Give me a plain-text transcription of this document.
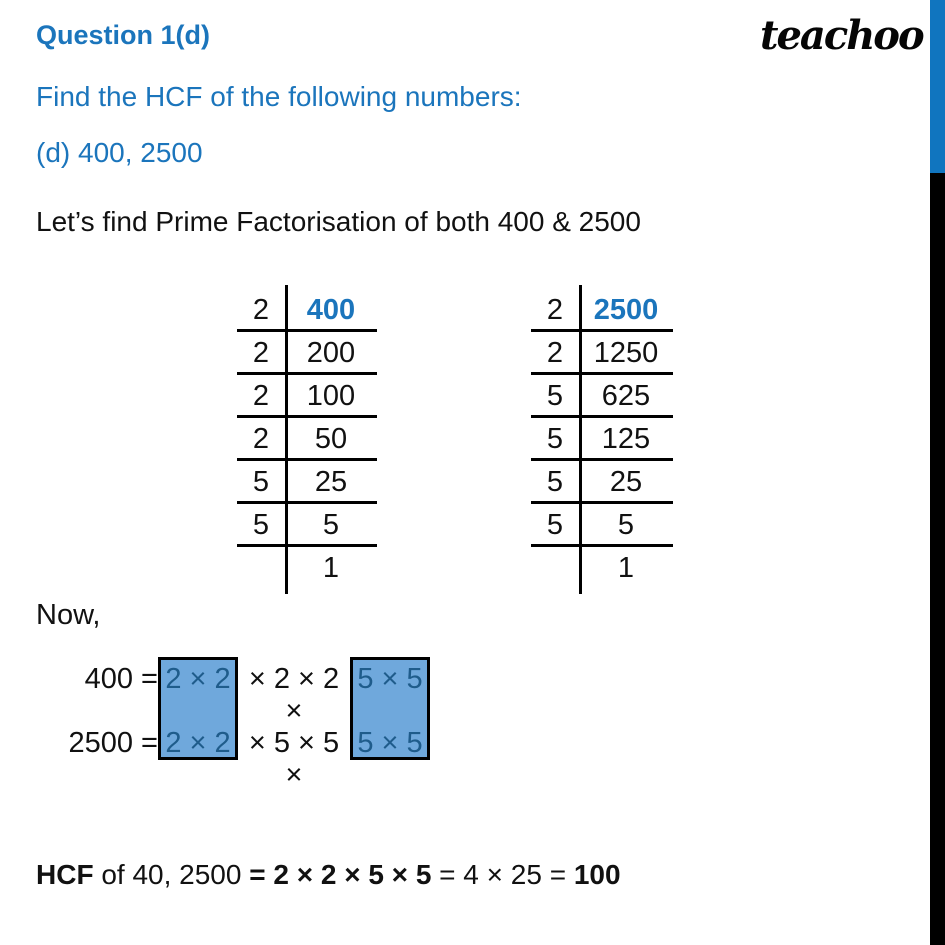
teachoo
Question 1(d)
Find the HCF of the following numbers:
(d) 400, 2500
Let’s find Prime Factorisation of both 400 & 2500
2	400
2	200
2	100
2	50
5	25
5	5
1
2	2500
2	1250
5	625
5	125
5	25
5	5
1
Now,
400 = 2 × 2 × 2 × 2 ×
5 × 5
2500 = 2 × 2 × 5 × 5 ×
5 × 5
HCF of 40, 2500 = 2 × 2 × 5 × 5 = 4 × 25 = 100
